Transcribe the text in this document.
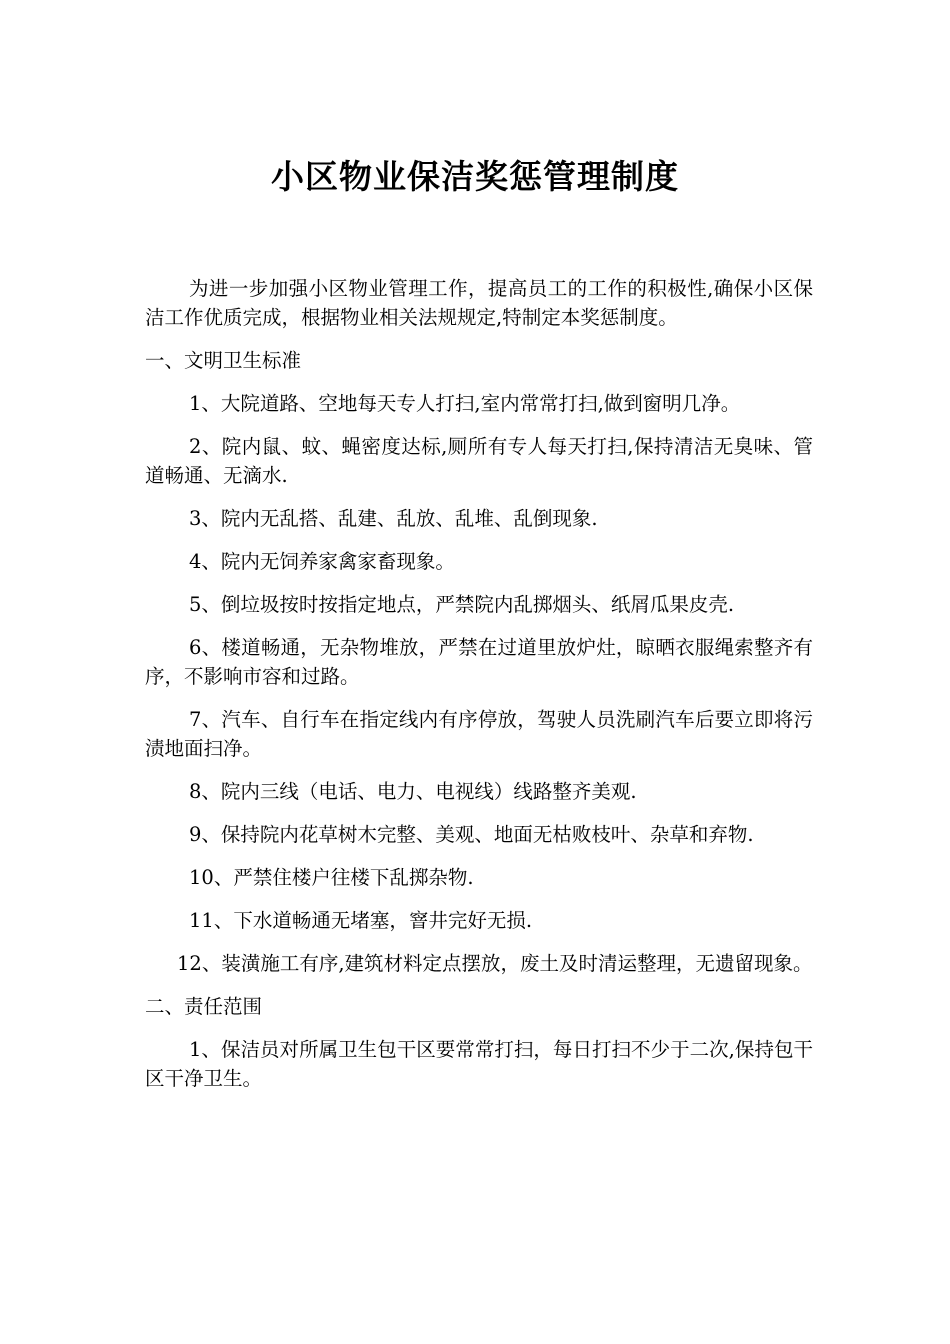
小区物业保洁奖惩管理制度

为进一步加强小区物业管理工作，提高员工的工作的积极性,确保小区保洁工作优质完成，根据物业相关法规规定,特制定本奖惩制度。

一、文明卫生标准

1、大院道路、空地每天专人打扫,室内常常打扫,做到窗明几净。

2、院内鼠、蚊、蝇密度达标,厕所有专人每天打扫,保持清洁无臭味、管道畅通、无滴水.

3、院内无乱搭、乱建、乱放、乱堆、乱倒现象.

4、院内无饲养家禽家畜现象。

5、倒垃圾按时按指定地点，严禁院内乱掷烟头、纸屑瓜果皮壳.

6、楼道畅通，无杂物堆放，严禁在过道里放炉灶，晾晒衣服绳索整齐有序，不影响市容和过路。

7、汽车、自行车在指定线内有序停放，驾驶人员洗刷汽车后要立即将污渍地面扫净。

8、院内三线（电话、电力、电视线）线路整齐美观.

9、保持院内花草树木完整、美观、地面无枯败枝叶、杂草和弃物.

10、严禁住楼户往楼下乱掷杂物.

11、下水道畅通无堵塞，窨井完好无损.

12、装潢施工有序,建筑材料定点摆放，废土及时清运整理，无遗留现象。

二、责任范围

1、保洁员对所属卫生包干区要常常打扫，每日打扫不少于二次,保持包干区干净卫生。
